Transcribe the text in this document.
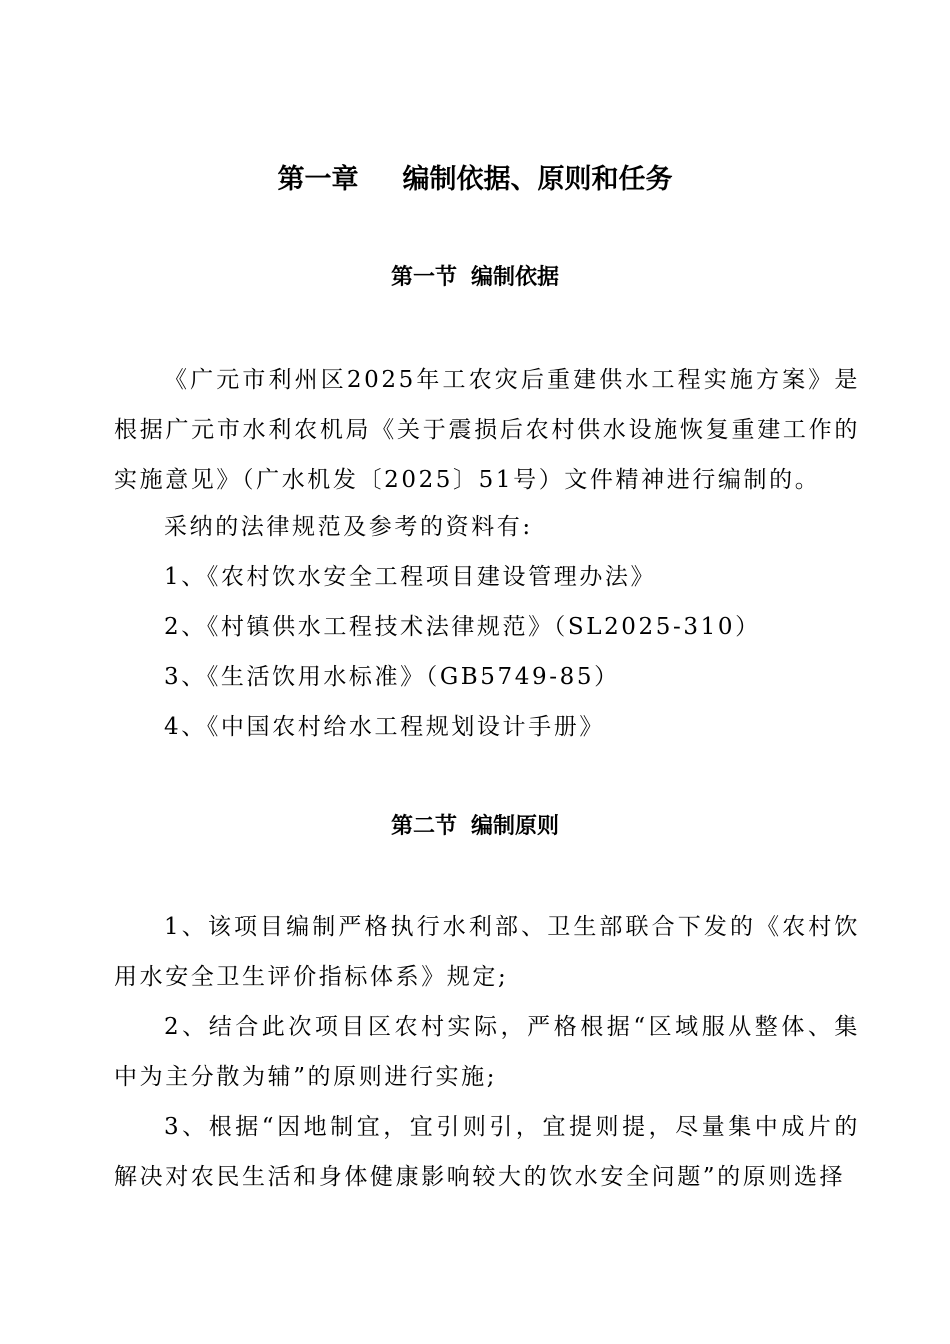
第一章 编制依据、原则和任务
第一节 编制依据

《广元市利州区2025年工农灾后重建供水工程实施方案》是根据广元市水利农机局《关于震损后农村供水设施恢复重建工作的实施意见》（广水机发〔2025〕51号）文件精神进行编制的。

采纳的法律规范及参考的资料有:
1、《农村饮水安全工程项目建设管理办法》
2、《村镇供水工程技术法律规范》（SL2025-310）
3、《生活饮用水标准》（GB5749-85）
4、《中国农村给水工程规划设计手册》
第二节 编制原则

1、该项目编制严格执行水利部、卫生部联合下发的《农村饮用水安全卫生评价指标体系》规定;

2、结合此次项目区农村实际，严格根据“区域服从整体、集中为主分散为辅”的原则进行实施;

3、根据“因地制宜，宜引则引，宜提则提，尽量集中成片的解决对农民生活和身体健康影响较大的饮水安全问题”的原则选择
